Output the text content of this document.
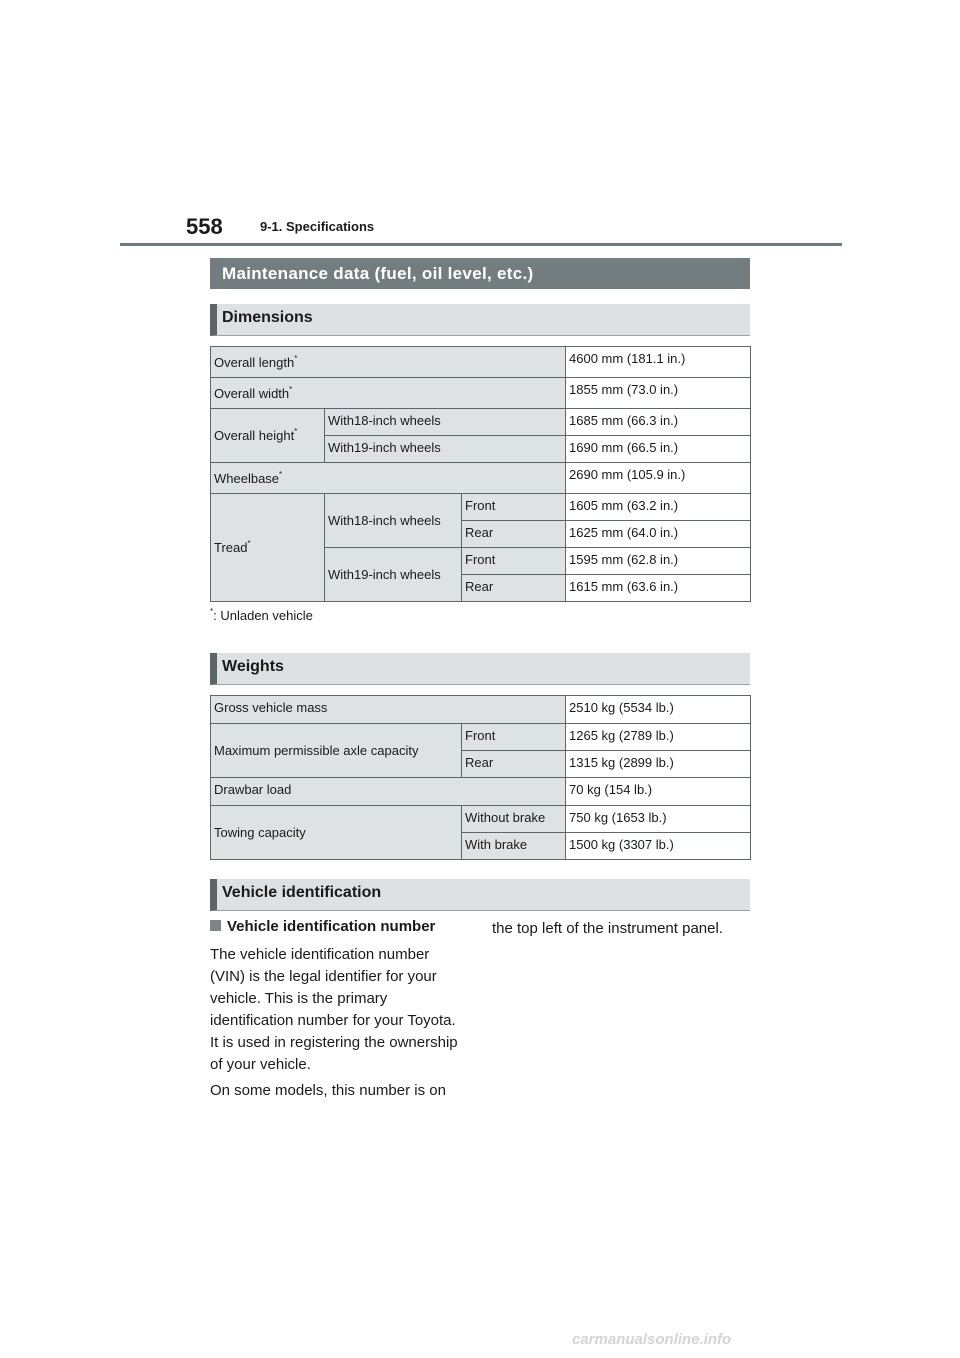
558	9-1. Specifications
Maintenance data (fuel, oil level, etc.)
Dimensions
Overall length*			4600 mm (181.1 in.)
Overall width*			1855 mm (73.0 in.)
Overall height*	With18-inch wheels		1685 mm (66.3 in.)
	With19-inch wheels		1690 mm (66.5 in.)
Wheelbase*			2690 mm (105.9 in.)
Tread*	With18-inch wheels	Front	1605 mm (63.2 in.)
		Rear	1625 mm (64.0 in.)
	With19-inch wheels	Front	1595 mm (62.8 in.)
		Rear	1615 mm (63.6 in.)
*: Unladen vehicle
Weights
Gross vehicle mass		2510 kg (5534 lb.)
Maximum permissible axle capacity	Front	1265 kg (2789 lb.)
	Rear	1315 kg (2899 lb.)
Drawbar load		70 kg (154 lb.)
Towing capacity	Without brake	750 kg (1653 lb.)
	With brake	1500 kg (3307 lb.)
Vehicle identification
Vehicle identification number

The vehicle identification number (VIN) is the legal identifier for your vehicle. This is the primary identification number for your Toyota. It is used in registering the ownership of your vehicle.

On some models, this number is on

the top left of the instrument panel.
carmanualsonline.info
